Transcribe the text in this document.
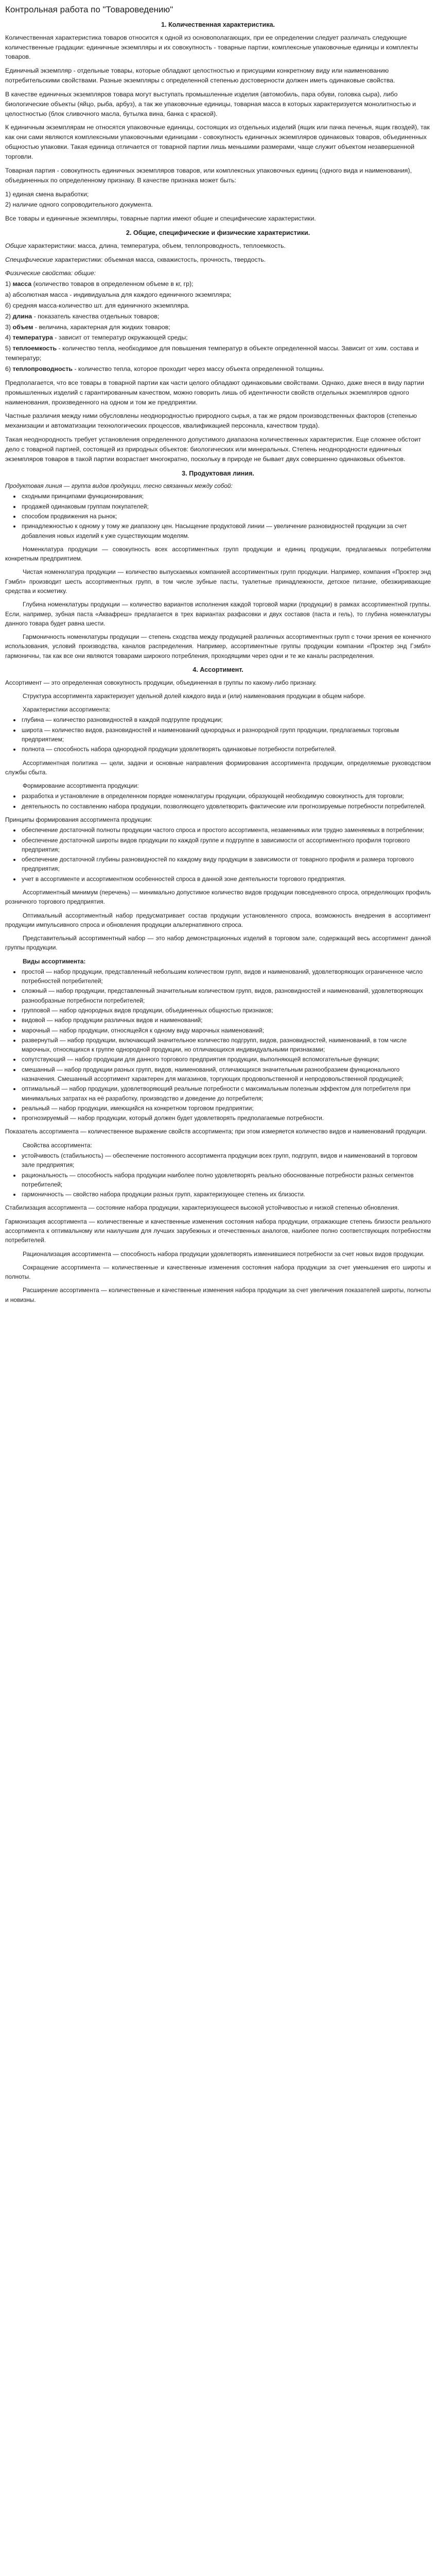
Контрольная работа по "Товароведению"
1. Количественная характеристика.

Количественная характеристика товаров относится к одной из основополагающих, при ее определении следует различать следующие количественные градации: единичные экземпляры и их совокупность - товарные партии, комплексные упаковочные единицы и комплекты товаров.

Единичный экземпляр - отдельные товары, которые обладают целостностью и присущими конкретному виду или наименованию потребительскими свойствами. Разные экземпляры с определенной степенью достоверности должен иметь одинаковые свойства.

В качестве единичных экземпляров товара могут выступать промышленные изделия (автомобиль, пара обуви, головка сыра), либо биологические объекты (яйцо, рыба, арбуз), а так же упаковочные единицы, товарная масса в которых характеризуется монолитностью и целостностью (блок сливочного масла, бутылка вина, банка с краской).

К единичным экземплярам не относятся упаковочные единицы, состоящих из отдельных изделий (ящик или пачка печенья, ящик гвоздей), так как они сами являются комплексными упаковочными единицами - совокупность единичных экземпляров одинаковых товаров, объединенных общностью упаковки. Такая единица отличается от товарной партии лишь меньшими размерами, чаще служит объектом незавершенной торговли.

Товарная партия - совокупность единичных экземпляров товаров, или комплексных упаковочных единиц (одного вида и наименования), объединенных по определенному признаку. В качестве признака может быть:

1) единая смена выработки;

2) наличие одного сопроводительного документа.

Все товары и единичные экземпляры, товарные партии имеют общие и специфические характеристики.

2. Общие, специфические и физические характеристики.

Общие характеристики: масса, длина, температура, объем, теплопроводность, теплоемкость.

Специфические характеристики: объемная масса, скважистость, прочность, твердость.

Физические свойства: общие:

1) масса (количество товаров в определенном объеме в кг, гр);
а) абсолютная масса - индивидуальна для каждого единичного экземпляра;
б) средняя масса-количество шт. для единичного экземпляра.
2) длина - показатель качества отдельных товаров;
3) объем - величина, характерная для жидких товаров;
4) температура - зависит от температур окружающей среды;
5) теплоемкость - количество тепла, необходимое для повышения температур в объекте определенной массы. Зависит от хим. состава и температур;
6) теплопроводность - количество тепла, которое проходит через массу объекта определенной толщины.

Предполагается, что все товары в товарной партии как части целого обладают одинаковыми свойствами. Однако, даже внеся в виду партии промышленных изделий с гарантированным качеством, можно говорить лишь об идентичности свойств отдельных экземпляров одного наименования, произведенного на одном и том же предприятии.

Частные различия между ними обусловлены неоднородностью природного сырья, а так же рядом производственных факторов (степенью механизации и автоматизации технологических процессов, квалификацией персонала, качеством труда).

Такая неоднородность требует установления определенного допустимого диапазона количественных характеристик. Еще сложнее обстоит дело с товарной партией, состоящей из природных объектов: биологических или минеральных. Степень неоднородности единичных экземпляров товаров в такой партии возрастает многократно, поскольку в природе не бывает двух совершенно одинаковых объектов.

3. Продуктовая линия.

Продуктовая линия — группа видов продукции, тесно связанных между собой:

• сходными принципами функционирования;
• продажей одинаковым группам покупателей;
• способом продвижения на рынок;
• принадлежностью к одному у тому же диапазону цен. Насыщение продуктовой линии — увеличение разновидностей продукции за счет добавления новых изделий к уже существующим моделям.

Номенклатура продукции — совокупность всех ассортиментных групп продукции и единиц продукции, предлагаемых потребителям конкретным предприятием.

Чистая номенклатура продукции — количество выпускаемых компанией ассортиментных групп продукции. Например, компания «Проктер энд Гэмбл» производит шесть ассортиментных групп, в том числе зубные пасты, туалетные принадлежности, детское питание, обезжиривающие средства и косметику.

Глубина номенклатуры продукции — количество вариантов исполнения каждой торговой марки (продукции) в рамках ассортиментной группы. Если, например, зубная паста «Аквафреш» предлагается в трех вариантах разфасовки и двух составов (паста и гель), то глубина номенклатуры данного товара будет равна шести.

Гармоничность номенклатуры продукции — степень сходства между продукцией различных ассортиментных групп с точки зрения ее конечного использования, условий производства, каналов распределения. Например, ассортиментные группы продукции компании «Проктер энд Гэмбл» гармоничны, так как все они являются товарами широкого потребления, проходящими через одни и те же каналы распределения.

4. Ассортимент.

Ассортимент — это определенная совокупность продукции, объединенная в группы по какому-либо признаку.

Структура ассортимента характеризует удельной долей каждого вида и (или) наименования продукции в общем наборе.

Характеристики ассортимента:

• глубина — количество разновидностей в каждой подгруппе продукции;
• широта — количество видов, разновидностей и наименований однородных и разнородной групп продукции, предлагаемых торговым предприятием;
• полнота — способность набора однородной продукции удовлетворять одинаковые потребности потребителей.

Ассортиментная политика — цели, задачи и основные направления формирования ассортимента продукции, определяемые руководством службы сбыта.

Формирование ассортимента продукции:

• разработка и установление в определенном порядке номенклатуры продукции, образующей необходимую совокупность для торговли;
• деятельность по составлению набора продукции, позволяющего удовлетворить фактические или прогнозируемые потребности потребителей.

Принципы формирования ассортимента продукции:

• обеспечение достаточной полноты продукции частого спроса и простого ассортимента, незаменимых или трудно заменяемых в потреблении;
• обеспечение достаточной широты видов продукции по каждой группе и подгруппе в зависимости от ассортиментного профиля торгового предприятия;
• обеспечение достаточной глубины разновидностей по каждому виду продукции в зависимости от товарного профиля и размера торгового предприятия;
• учет в ассортименте и ассортиментном особенностей спроса в данной зоне деятельности торгового предприятия.

Ассортиментный минимум (перечень) — минимально допустимое количество видов продукции повседневного спроса, определяющих профиль розничного торгового предприятия.

Оптимальный ассортиментный набор предусматривает состав продукции установленного спроса, возможность внедрения в ассортимент продукции импульсивного спроса и обновления продукции альтернативного спроса.

Представительный ассортиментный набор — это набор демонстрационных изделий в торговом зале, содержащий весь ассортимент данной группы продукции.

Виды ассортимента:

• простой — набор продукции, представленный небольшим количеством групп, видов и наименований, удовлетворяющих ограниченное число потребностей потребителей;
• сложный — набор продукции, представленный значительным количеством групп, видов, разновидностей и наименований, удовлетворяющих разнообразные потребности потребителей;
• групповой — набор однородных видов продукции, объединенных общностью признаков;
• видовой — набор продукции различных видов и наименований;
• марочный — набор продукции, относящейся к одному виду марочных наименований;
• развернутый — набор продукции, включающий значительное количество подгрупп, видов, разновидностей, наименований, в том числе марочных, относящихся к группе однородной продукции, но отличающихся индивидуальными признаками;
• сопутствующий — набор продукции для данного торгового предприятия продукции, выполняющей вспомогательные функции;
• смешанный — набор продукции разных групп, видов, наименований, отличающихся значительным разнообразием функционального назначения. Смешанный ассортимент характерен для магазинов, торгующих продовольственной и непродовольственной продукцией;
• оптимальный — набор продукции, удовлетворяющий реальные потребности с максимальным полезным эффектом для потребителя при минимальных затратах на её разработку, производство и доведение до потребителя;
• реальный — набор продукции, имеющийся на конкретном торговом предприятии;
• прогнозируемый — набор продукции, который должен будет удовлетворять предполагаемые потребности.

Показатель ассортимента — количественное выражение свойств ассортимента; при этом измеряется количество видов и наименований продукции.

Свойства ассортимента:

• устойчивость (стабильность) — обеспечение постоянного ассортимента продукции всех групп, подгрупп, видов и наименований в торговом зале предприятия;
• рациональность — способность набора продукции наиболее полно удовлетворять реально обоснованные потребности разных сегментов потребителей;
• гармоничность — свойство набора продукции разных групп, характеризующее степень их близости.

Стабилизация ассортимента — состояние набора продукции, характеризующееся высокой устойчивостью и низкой степенью обновления.

Гармонизация ассортимента — количественные и качественные изменения состояния набора продукции, отражающие степень близости реального ассортимента к оптимальному или наилучшим для лучших зарубежных и отечественных аналогов, наиболее полно соответствующих потребностям потребителей.

Рационализация ассортимента — способность набора продукции удовлетворять изменившиеся потребности за счет новых видов продукции.

Сокращение ассортимента — количественные и качественные изменения состояния набора продукции за счет уменьшения его широты и полноты.

Расширение ассортимента — количественные и качественные изменения набора продукции за счет увеличения показателей широты, полноты и новизны.
